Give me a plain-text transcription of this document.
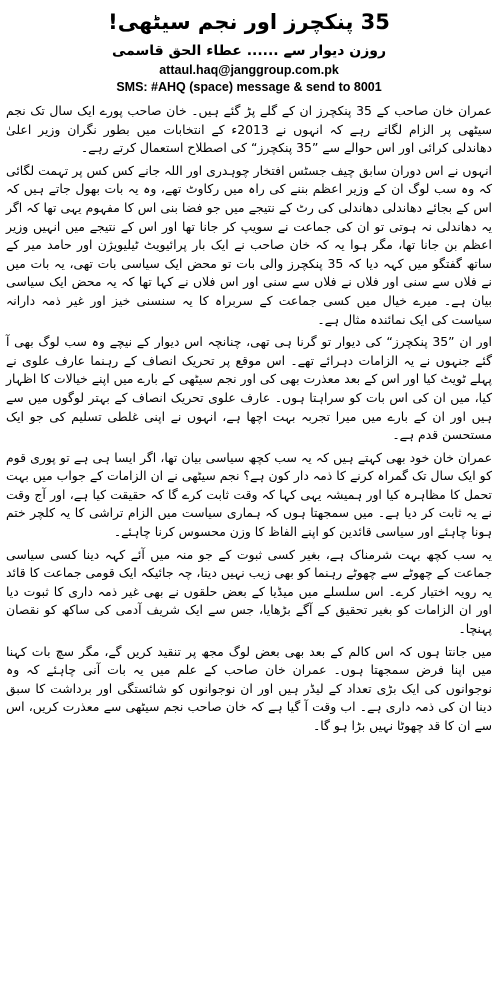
35 پنکچرز اور نجم سیٹھی!
روزن دیوار سے ...... عطاء الحق قاسمی
attaul.haq@janggroup.com.pk
SMS: #AHQ (space) message & send to 8001

عمران خان صاحب کے 35 پنکچرز ان کے گلے پڑ گئے ہیں۔ خان صاحب پورے ایک سال تک نجم سیٹھی پر الزام لگاتے رہے کہ انہوں نے 2013ء کے انتخابات میں بطور نگران وزیر اعلیٰ دھاندلی کرائی اور اس حوالے سے ”35 پنکچرز“ کی اصطلاح استعمال کرتے رہے۔

انہوں نے اس دوران سابق چیف جسٹس افتخار چوہدری اور اللہ جانے کس کس پر تہمت لگائی کہ وہ سب لوگ ان کے وزیر اعظم بننے کی راہ میں رکاوٹ تھے، وہ یہ بات بھول جاتے ہیں کہ اس کے بجائے دھاندلی دھاندلی کی رٹ کے نتیجے میں جو فضا بنی اس کا مفہوم یہی تھا کہ اگر یہ دھاندلی نہ ہوتی تو ان کی جماعت نے سویپ کر جانا تھا اور اس کے نتیجے میں انہیں وزیر اعظم بن جانا تھا، مگر ہوا یہ کہ خان صاحب نے ایک بار پرائیویٹ ٹیلیویژن اور حامد میر کے ساتھ گفتگو میں کہہ دیا کہ 35 پنکچرز والی بات تو محض ایک سیاسی بات تھی، یہ بات میں نے فلاں سے سنی اور فلاں نے فلاں سے سنی اور اس فلاں نے کہا تھا کہ یہ محض ایک سیاسی بیان ہے۔ میرے خیال میں کسی جماعت کے سربراہ کا یہ سنسنی خیز اور غیر ذمہ دارانہ سیاست کی ایک نمائندہ مثال ہے۔

اور ان ”35 پنکچرز“ کی دیوار تو گرنا ہی تھی، چنانچہ اس دیوار کے نیچے وہ سب لوگ بھی آ گئے جنہوں نے یہ الزامات دہرائے تھے۔ اس موقع پر تحریک انصاف کے رہنما عارف علوی نے پہلے ٹویٹ کیا اور اس کے بعد معذرت بھی کی اور نجم سیٹھی کے بارے میں اپنے خیالات کا اظہار کیا، میں ان کی اس بات کو سراہتا ہوں۔ عارف علوی تحریک انصاف کے بہتر لوگوں میں سے ہیں اور ان کے بارے میں میرا تجربہ بہت اچھا ہے، انہوں نے اپنی غلطی تسلیم کی جو ایک مستحسن قدم ہے۔

عمران خان خود بھی کہتے ہیں کہ یہ سب کچھ سیاسی بیان تھا، اگر ایسا ہی ہے تو پوری قوم کو ایک سال تک گمراہ کرنے کا ذمہ دار کون ہے؟ نجم سیٹھی نے ان الزامات کے جواب میں بہت تحمل کا مظاہرہ کیا اور ہمیشہ یہی کہا کہ وقت ثابت کرے گا کہ حقیقت کیا ہے، اور آج وقت نے یہ ثابت کر دیا ہے۔ میں سمجھتا ہوں کہ ہماری سیاست میں الزام تراشی کا یہ کلچر ختم ہونا چاہئے اور سیاسی قائدین کو اپنے الفاظ کا وزن محسوس کرنا چاہئے۔

یہ سب کچھ بہت شرمناک ہے، بغیر کسی ثبوت کے جو منہ میں آئے کہہ دینا کسی سیاسی جماعت کے چھوٹے سے چھوٹے رہنما کو بھی زیب نہیں دیتا، چہ جائیکہ ایک قومی جماعت کا قائد یہ رویہ اختیار کرے۔ اس سلسلے میں میڈیا کے بعض حلقوں نے بھی غیر ذمہ داری کا ثبوت دیا اور ان الزامات کو بغیر تحقیق کے آگے بڑھایا، جس سے ایک شریف آدمی کی ساکھ کو نقصان پہنچا۔

میں جانتا ہوں کہ اس کالم کے بعد بھی بعض لوگ مجھ پر تنقید کریں گے، مگر سچ بات کہنا میں اپنا فرض سمجھتا ہوں۔ عمران خان صاحب کے علم میں یہ بات آنی چاہئے کہ وہ نوجوانوں کی ایک بڑی تعداد کے لیڈر ہیں اور ان نوجوانوں کو شائستگی اور برداشت کا سبق دینا ان کی ذمہ داری ہے۔ اب وقت آ گیا ہے کہ خان صاحب نجم سیٹھی سے معذرت کریں، اس سے ان کا قد چھوٹا نہیں بڑا ہو گا۔
